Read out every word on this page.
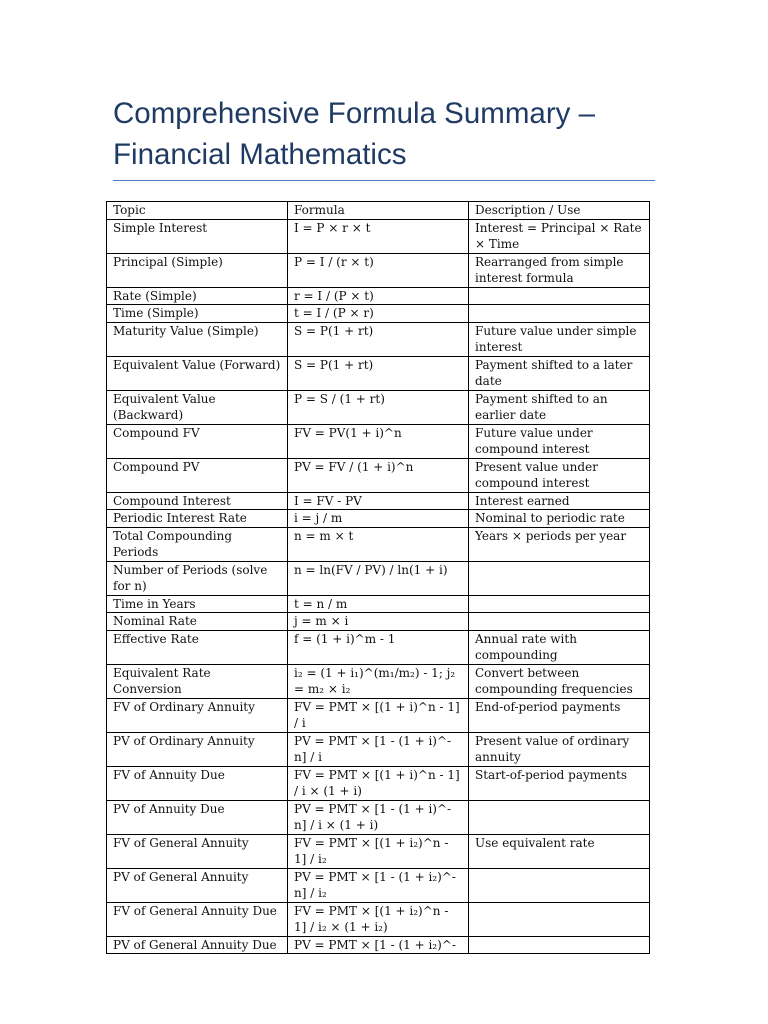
Comprehensive Formula Summary –
Financial Mathematics
Topic	Formula	Description / Use
Simple Interest	I = P × r × t	Interest = Principal × Rate × Time
Principal (Simple)	P = I / (r × t)	Rearranged from simple interest formula
Rate (Simple)	r = I / (P × t)	
Time (Simple)	t = I / (P × r)	
Maturity Value (Simple)	S = P(1 + rt)	Future value under simple interest
Equivalent Value (Forward)	S = P(1 + rt)	Payment shifted to a later date
Equivalent Value (Backward)	P = S / (1 + rt)	Payment shifted to an earlier date
Compound FV	FV = PV(1 + i)^n	Future value under compound interest
Compound PV	PV = FV / (1 + i)^n	Present value under compound interest
Compound Interest	I = FV - PV	Interest earned
Periodic Interest Rate	i = j / m	Nominal to periodic rate
Total Compounding Periods	n = m × t	Years × periods per year
Number of Periods (solve for n)	n = ln(FV / PV) / ln(1 + i)	
Time in Years	t = n / m	
Nominal Rate	j = m × i	
Effective Rate	f = (1 + i)^m - 1	Annual rate with compounding
Equivalent Rate Conversion	i₂ = (1 + i₁)^(m₁/m₂) - 1; j₂ = m₂ × i₂	Convert between compounding frequencies
FV of Ordinary Annuity	FV = PMT × [(1 + i)^n - 1] / i	End-of-period payments
PV of Ordinary Annuity	PV = PMT × [1 - (1 + i)^-n] / i	Present value of ordinary annuity
FV of Annuity Due	FV = PMT × [(1 + i)^n - 1] / i × (1 + i)	Start-of-period payments
PV of Annuity Due	PV = PMT × [1 - (1 + i)^-n] / i × (1 + i)	
FV of General Annuity	FV = PMT × [(1 + i₂)^n - 1] / i₂	Use equivalent rate
PV of General Annuity	PV = PMT × [1 - (1 + i₂)^-n] / i₂	
FV of General Annuity Due	FV = PMT × [(1 + i₂)^n - 1] / i₂ × (1 + i₂)	
PV of General Annuity Due	PV = PMT × [1 - (1 + i₂)^-	
